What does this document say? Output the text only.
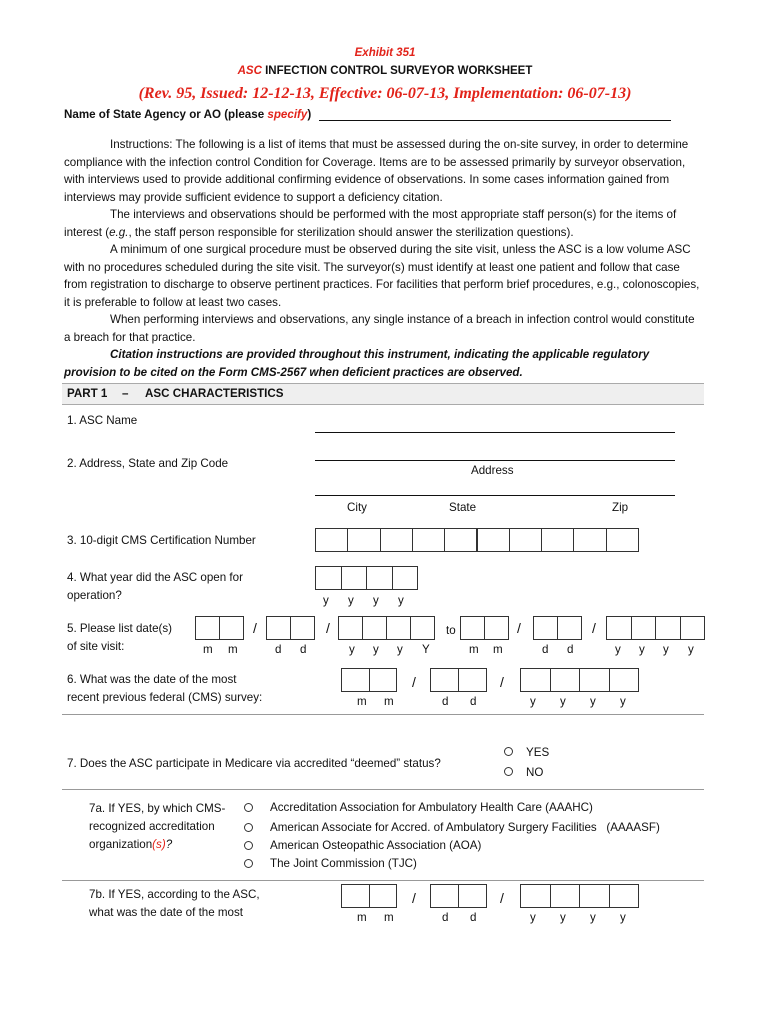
Exhibit 351
ASC INFECTION CONTROL SURVEYOR WORKSHEET
(Rev. 95, Issued: 12-12-13, Effective: 06-07-13, Implementation: 06-07-13)
Name of State Agency or AO (please specify)
Instructions: The following is a list of items that must be assessed during the on-site survey, in order to determine compliance with the infection control Condition for Coverage. Items are to be assessed primarily by surveyor observation, with interviews used to provide additional confirming evidence of observations. In some cases information gained from interviews may provide sufficient evidence to support a deficiency citation.
The interviews and observations should be performed with the most appropriate staff person(s) for the items of interest (e.g., the staff person responsible for sterilization should answer the sterilization questions).
A minimum of one surgical procedure must be observed during the site visit, unless the ASC is a low volume ASC with no procedures scheduled during the site visit. The surveyor(s) must identify at least one patient and follow that case from registration to discharge to observe pertinent practices. For facilities that perform brief procedures, e.g., colonoscopies, it is preferable to follow at least two cases.
When performing interviews and observations, any single instance of a breach in infection control would constitute a breach for that practice.
Citation instructions are provided throughout this instrument, indicating the applicable regulatory provision to be cited on the Form CMS-2567 when deficient practices are observed.
PART 1 – ASC CHARACTERISTICS
1. ASC Name
2. Address, State and Zip Code
Address
City	State	Zip
3. 10-digit CMS Certification Number
4. What year did the ASC open for
operation?	y y y y
5. Please list date(s)
of site visit:
/	/	to	/	/
m m	d d	y y y Y	m m	d d	y y y y
6. What was the date of the most
recent previous federal (CMS) survey:
/	/
m m	d d	y y y y
7. Does the ASC participate in Medicare via accredited “deemed” status?
YES
NO
7a. If YES, by which CMS-
recognized accreditation
organization(s)?
Accreditation Association for Ambulatory Health Care (AAAHC)
American Associate for Accred. of Ambulatory Surgery Facilities   (AAAASF)
American Osteopathic Association (AOA)
The Joint Commission (TJC)
7b. If YES, according to the ASC,
what was the date of the most
/	/
m m	d d	y y y y
